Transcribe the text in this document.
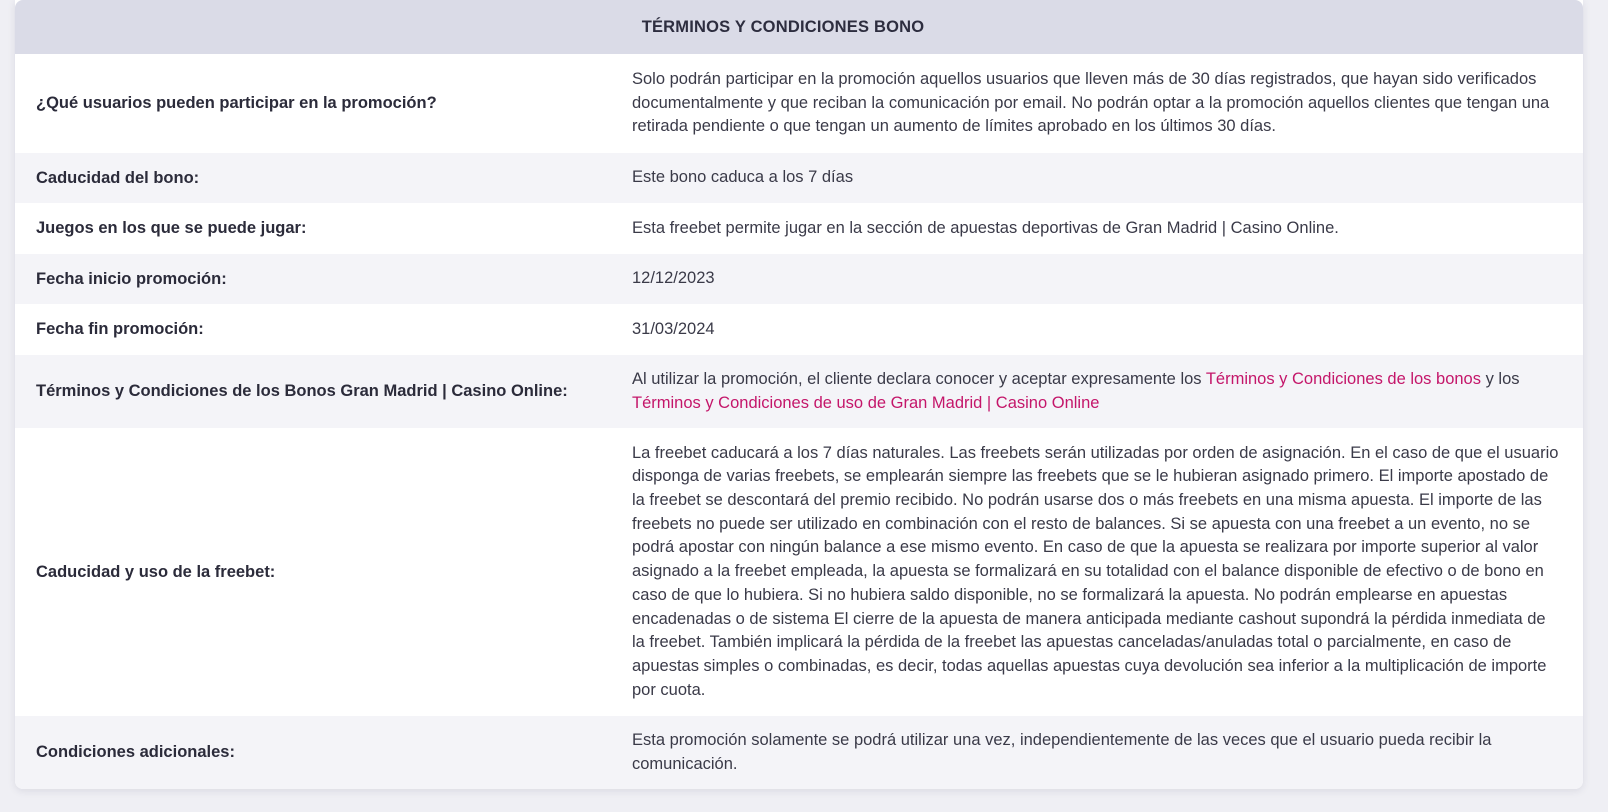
TÉRMINOS Y CONDICIONES BONO
¿Qué usuarios pueden participar en la promoción?
Solo podrán participar en la promoción aquellos usuarios que lleven más de 30 días registrados, que hayan sido verificados documentalmente y que reciban la comunicación por email. No podrán optar a la promoción aquellos clientes que tengan una retirada pendiente o que tengan un aumento de límites aprobado en los últimos 30 días.
Caducidad del bono:	Este bono caduca a los 7 días
Juegos en los que se puede jugar:	Esta freebet permite jugar en la sección de apuestas deportivas de Gran Madrid | Casino Online.
Fecha inicio promoción:	12/12/2023
Fecha fin promoción:	31/03/2024
Términos y Condiciones de los Bonos Gran Madrid | Casino Online:
Al utilizar la promoción, el cliente declara conocer y aceptar expresamente los Términos y Condiciones de los bonos y los Términos y Condiciones de uso de Gran Madrid | Casino Online
Caducidad y uso de la freebet:
La freebet caducará a los 7 días naturales. Las freebets serán utilizadas por orden de asignación. En el caso de que el usuario disponga de varias freebets, se emplearán siempre las freebets que se le hubieran asignado primero. El importe apostado de la freebet se descontará del premio recibido. No podrán usarse dos o más freebets en una misma apuesta. El importe de las freebets no puede ser utilizado en combinación con el resto de balances. Si se apuesta con una freebet a un evento, no se podrá apostar con ningún balance a ese mismo evento. En caso de que la apuesta se realizara por importe superior al valor asignado a la freebet empleada, la apuesta se formalizará en su totalidad con el balance disponible de efectivo o de bono en caso de que lo hubiera. Si no hubiera saldo disponible, no se formalizará la apuesta. No podrán emplearse en apuestas encadenadas o de sistema El cierre de la apuesta de manera anticipada mediante cashout supondrá la pérdida inmediata de la freebet. También implicará la pérdida de la freebet las apuestas canceladas/anuladas total o parcialmente, en caso de apuestas simples o combinadas, es decir, todas aquellas apuestas cuya devolución sea inferior a la multiplicación de importe por cuota.
Condiciones adicionales:
Esta promoción solamente se podrá utilizar una vez, independientemente de las veces que el usuario pueda recibir la comunicación.
